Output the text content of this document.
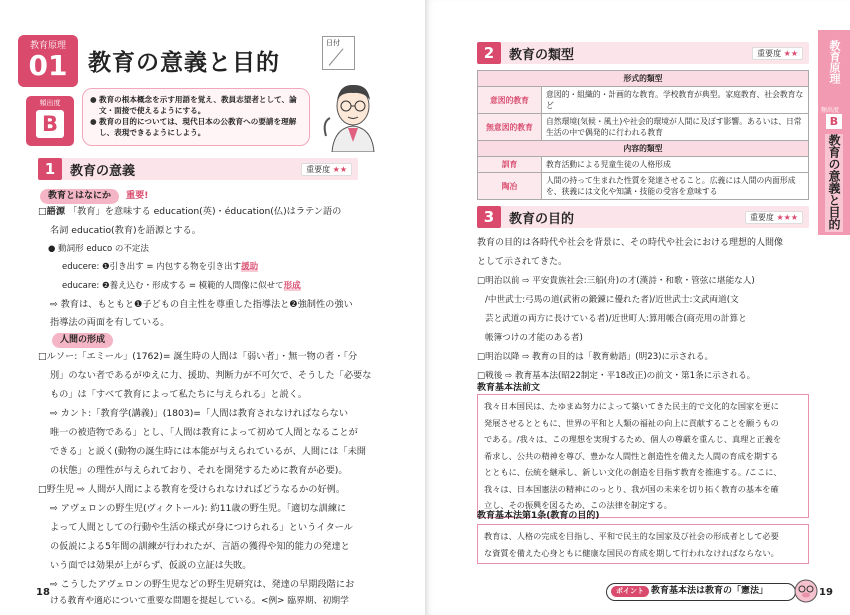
教育原理
01 教育の意義と目的
日付
頻出度
B

● 教育の根本概念を示す用語を覚え、教員志望者として、論文・面接で使えるようにする。

● 教育の目的については、現代日本の公教育への要請を理解し、表現できるようにしよう。

1	教育の意義	重要度 ★★
教育とはなにか 重要!
□語源 「教育」を意味する education(英)・éducation(仏)はラテン語の
名詞 educatio(教育)を語源とする。
● 動詞形 educo の不定法
educere: ❶引き出す = 内包する物を引き出す援助
educare: ❷養え込む・形成する = 模範的人間像に似せて形成
⇨ 教育は、もともと❶子どもの自主性を尊重した指導法と❷強制性の強い
指導法の両面を有している。
人間の形成
□ルソー:「エミール」(1762)= 誕生時の人間は「弱い者」・無一物の者・「分
別」のない者であるがゆえに力、援助、判断力が不可欠で、そうした「必要な
もの」は「すべて教育によって私たちに与えられる」と説く。
⇨ カント:「教育学(講義)」(1803)=「人間は教育されなければならない
唯一の被造物である」とし、「人間は教育によって初めて人間となることが
できる」と説く(動物の誕生時には本能が与えられているが、人間には「未開
の状態」の理性が与えられており、それを開発するために教育が必要)。
□野生児 ⇨ 人間が人間による教育を受けられなければどうなるかの好例。
⇨ アヴェロンの野生児(ヴィクトール): 約11歳の野生児。「適切な訓練に
よって人間としての行動や生活の様式が身につけられる」というイタール
の仮説による5年間の訓練が行われたが、言語の獲得や知的能力の発達と
いう面では効果が上がらず、仮説の立証は失敗。
⇨ こうしたアヴェロンの野生児などの野生児研究は、発達の早期段階にお
ける教育や適応について重要な問題を提起している。<例> 臨界期、初期学
18
2	教育の類型	重要度 ★★
形式的類型	
意図的教育	意図的・組織的・計画的な教育。学校教育が典型。家庭教育、社会教育など
無意図的教育	自然環境(気候・風土)や社会的環境が人間に及ぼす影響。あるいは、日常生活の中で偶発的に行われる教育
内容的類型	
訓育	教育活動による児童生徒の人格形成
陶冶	人間の持って生まれた性質を発達させること。広義には人間の内面形成を、狭義には文化や知識・技能の受容を意味する
3	教育の目的	重要度 ★★★
教育の目的は各時代や社会を背景に、その時代や社会における理想的人間像
として示されてきた。
□明治以前 ⇨ 平安貴族社会:三船(舟)の才(漢詩・和歌・管弦に堪能な人)
/中世武士:弓馬の道(武術の鍛錬に優れた者)/近世武士:文武両道(文
芸と武道の両方に長けている者)/近世町人:算用帳合(商売用の計算と
帳簿つけの才能のある者)
□明治以降 ⇨ 教育の目的は「教育勅語」(明23)に示される。
□戦後 ⇨ 教育基本法(昭22制定・平18改正)の前文・第1条に示される。
教育基本法前文
我々日本国民は、たゆまぬ努力によって築いてきた民主的で文化的な国家を更に
発展させるとともに、世界の平和と人類の福祉の向上に貢献することを願うもの
である。/我々は、この理想を実現するため、個人の尊厳を重んじ、真理と正義を
希求し、公共の精神を尊び、豊かな人間性と創造性を備えた人間の育成を期する
とともに、伝統を継承し、新しい文化の創造を目指す教育を推進する。/ここに、
我々は、日本国憲法の精神にのっとり、我が国の未来を切り拓く教育の基本を確
立し、その振興を図るため、この法律を制定する。
教育基本法第1条(教育の目的)
教育は、人格の完成を目指し、平和で民主的な国家及び社会の形成者として必要
な資質を備えた心身ともに健康な国民の育成を期して行われなければならない。
教育原理
頻出度
B
教育の意義と目的
ポイント 教育基本法は教育の「憲法」	19
